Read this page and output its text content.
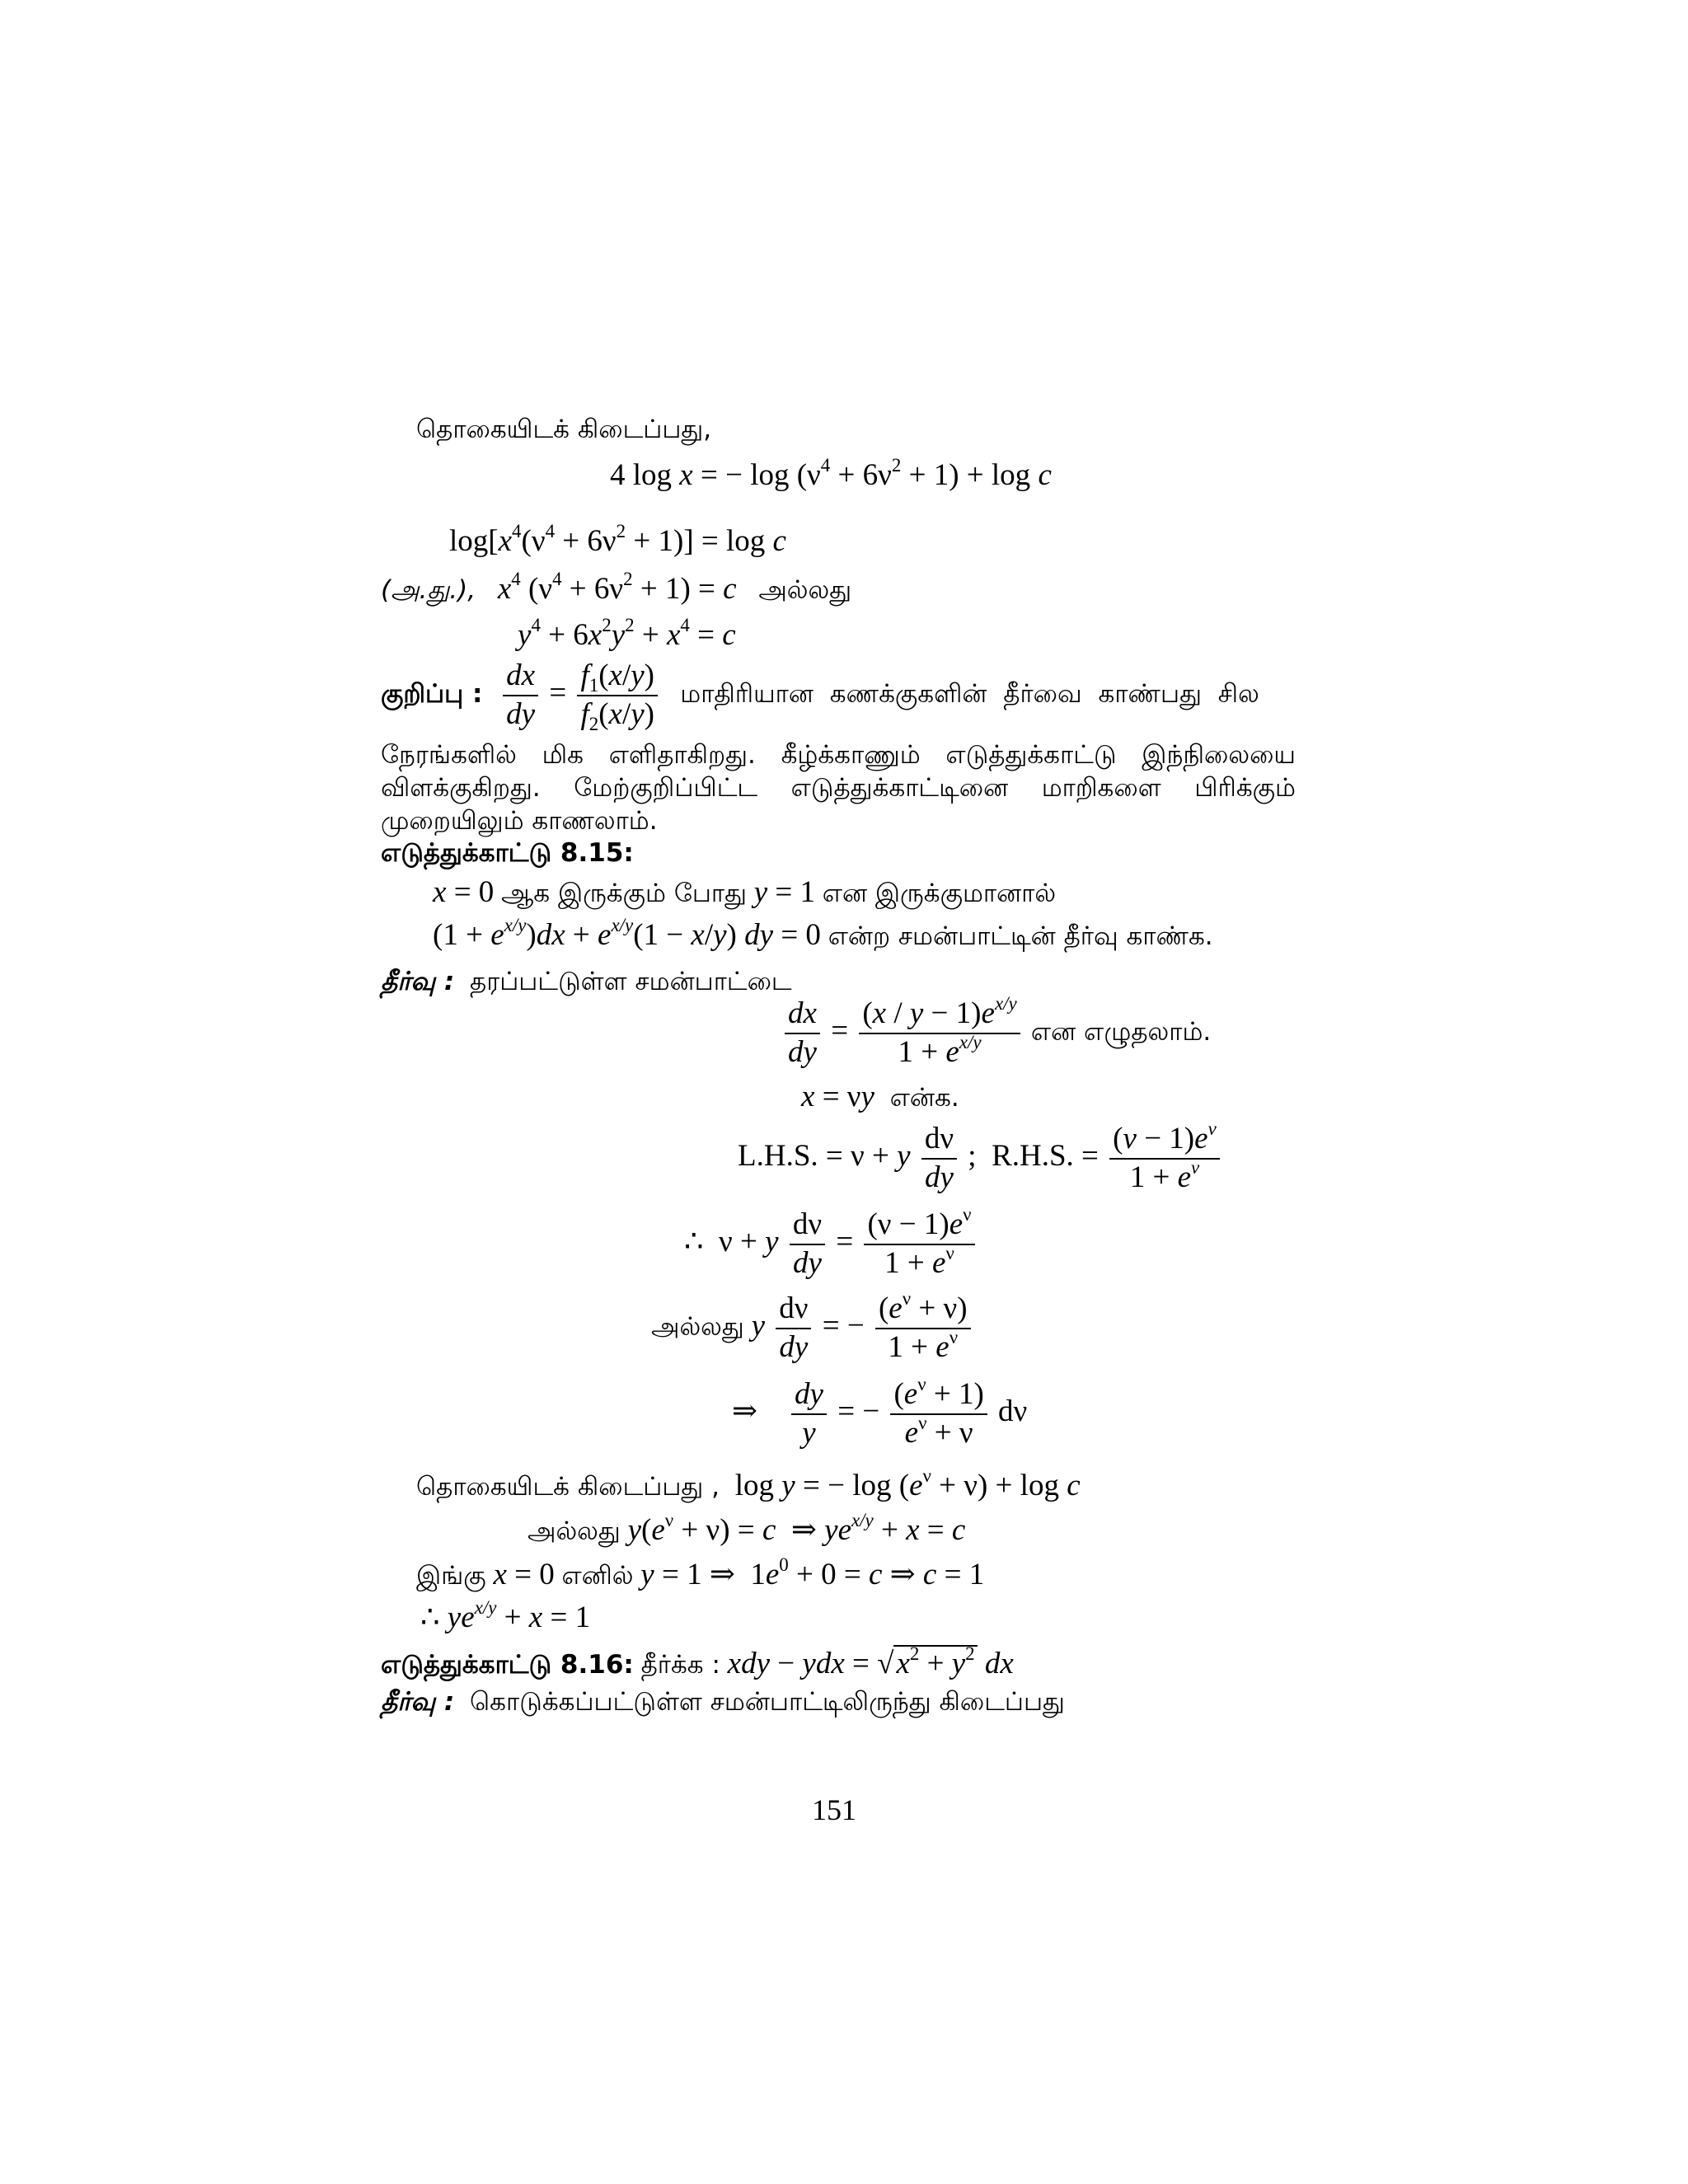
தொகையிடக் கிடைப்பது,
4 log x = − $\log (\nu^4 + 6\nu^2 + 1) + \log c$
$\log[x^4(\nu^4 + 6\nu^2 + 1)] = \log c$
(அ.து.), $x^4$ $(\nu^4 + 6\nu^2 + 1) = c$ அல்லது
$y^4 + 6x^2y^2 + x^4 = c$
குறிப்பு : $\frac{dx}{dy} = \frac{f_1(x/y)}{f_2(x/y)}$ மாதிரியான கணக்குகளின் தீர்வை காண்பது சில
நேரங்களில் மிக எளிதாகிறது. கீழ்க்காணும் எடுத்துக்காட்டு இந்நிலையை
விளக்குகிறது. மேற்குறிப்பிட்ட எடுத்துக்காட்டினை மாறிகளை பிரிக்கும்
முறையிலும் காணலாம்.
எடுத்துக்காட்டு 8.15:
x = 0 ஆக இருக்கும் போது y = 1 என இருக்குமானால்
$(1 + e^{x/y})dx + e^{x/y}(1 - x/y)$ dy = 0 என்ற சமன்பாட்டின் தீர்வு காண்க.
தீர்வு : தரப்பட்டுள்ள சமன்பாட்டை
$\frac{dx}{dy} = \frac{(x / y - 1)e^{x/y}}{1 + e^{x/y}}$ என எழுதலாம்.
x = νy என்க.
L.H.S. = ν + y $\frac{d\nu}{dy}$ ;  R.H.S. = $\frac{(v - 1)e^v}{1 + e^v}$
∴  ν + y $\frac{d\nu}{dy} = \frac{(\nu - 1)e^\nu}{1 + e^\nu}$
அல்லது y $\frac{d\nu}{dy}$ = − $\frac{(e^\nu + \nu)}{1 + e^\nu}$
⇒ $\frac{dy}{y}$ = − $\frac{(e^\nu + 1)}{e^\nu + \nu}$ dν
தொகையிடக் கிடைப்பது , log y = − $\log (e^\nu + \nu) + \log c$
அல்லது $y(e^\nu + \nu) = c$  ⇒ $ye^{x/y} + x = c$
இங்கு x = 0 எனில் y = 1 ⇒  $1e^0 + 0 = c$ ⇒ c = 1
∴ $ye^{x/y} + x = 1$
எடுத்துக்காட்டு 8.16: தீர்க்க : xdy − ydx = $√x^2 + y^2$ dx
தீர்வு : கொடுக்கப்பட்டுள்ள சமன்பாட்டிலிருந்து கிடைப்பது
151
